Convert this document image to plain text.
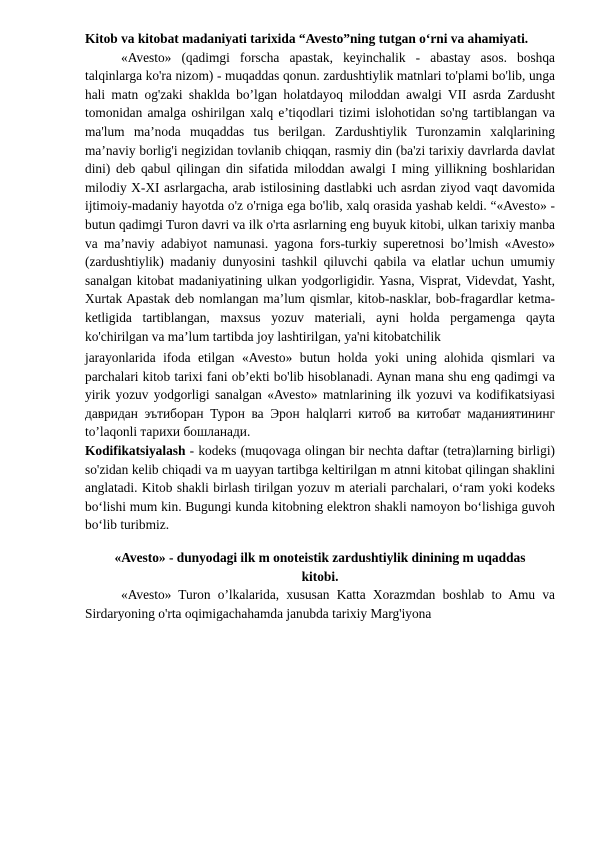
Kitob va kitobat madaniyati tarixida “Avesto”ning tutgan o‘rni va ahamiyati.

«Avesto» (qadimgi forscha apastak, keyinchalik - abastay asos. boshqa talqinlarga ko'ra nizom) - muqaddas qonun. zardushtiylik matnlari to'plami bo'lib, unga hali matn og'zaki shaklda bo’lgan holatdayoq miloddan awalgi VII asrda Zardusht tomonidan amalga oshirilgan xalq e’tiqodlari tizimi islohotidan so'ng tartiblangan va ma'lum ma’noda muqaddas tus berilgan. Zardushtiylik Turonzamin xalqlarining ma’naviy borlig'i negizidan tovlanib chiqqan, rasmiy din (ba'zi tarixiy davrlarda davlat dini) deb qabul qilingan din sifatida miloddan awalgi I ming yillikning boshlaridan milodiy X-XI asrlargacha, arab istilosining dastlabki uch asrdan ziyod vaqt davomida ijtimoiy-madaniy hayotda o'z o'rniga ega bo'lib, xalq orasida yashab keldi. “«Avesto» - butun qadimgi Turon davri va ilk o'rta asrlarning eng buyuk kitobi, ulkan tarixiy manba va ma’naviy adabiyot namunasi. yagona fors-turkiy superetnosi bo’lmish «Avesto» (zardushtiylik) madaniy dunyosini tashkil qiluvchi qabila va elatlar uchun umumiy sanalgan kitobat madaniyatining ulkan yodgorligidir. Yasna, Visprat, Videvdat, Yasht, Xurtak Apastak deb nomlangan ma’lum qismlar, kitob-nasklar, bob-fragardlar ketma-ketligida tartiblangan, maxsus yozuv materiali, ayni holda pergamenga qayta ko'chirilgan va ma’lum tartibda joy lashtirilgan, ya'ni kitobatchilik

jarayonlarida ifoda etilgan «Avesto» butun holda yoki uning alohida qismlari va parchalari kitob tarixi fani ob’ekti bo'lib hisoblanadi. Aynan mana shu eng qadimgi va yirik yozuv yodgorligi sanalgan «Avesto» matnlarining ilk yozuvi va kodifikatsiyasi давридан эътиборан Турон ва Эрон halqlarri китоб ва китобат маданиятининг to’laqonli тарихи бошланади.

Kodifikatsiyalash - kodeks (muqovaga olingan bir nechta daftar (tetra)larning birligi) so'zidan kelib chiqadi va m uayyan tartibga keltirilgan m atnni kitobat qilingan shaklini anglatadi. Kitob shakli birlash tirilgan yozuv m ateriali parchalari, o‘ram yoki kodeks bo‘lishi mum kin. Bugungi kunda kitobning elektron shakli namoyon bo‘lishiga guvoh bo‘lib turibmiz.

«Avesto» - dunyodagi ilk m onoteistik zardushtiylik dinining m uqaddas kitobi.

«Avesto» Turon o’lkalarida, xususan Katta Xorazmdan boshlab to Amu va Sirdaryoning o'rta oqimigachahamda janubda tarixiy Marg'iyona
